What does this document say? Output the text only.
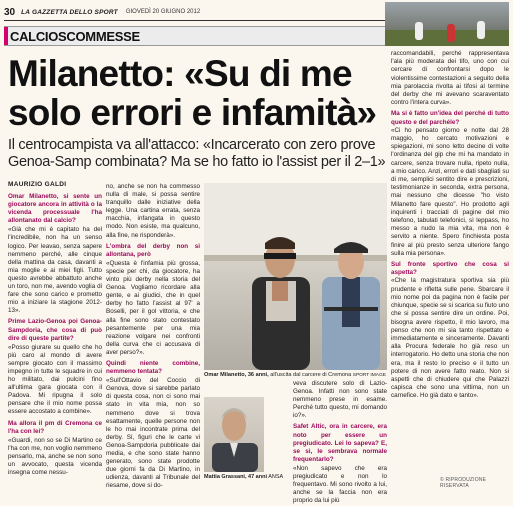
30 LA GAZZETTA DELLO SPORT GIOVEDÌ 20 GIUGNO 2012
CALCIOSCOMMESSE
Milanetto: «Su di me
solo errori e infamità»
Il centrocampista va all'attacco: «Incarcerato con zero prove
Genoa-Samp combinata? Ma se ho fatto io l'assist per il 2–1»
MAURIZIO GALDI

Omar Milanetto, si sente un giocatore ancora in attività o la vicenda processuale l'ha allontanato dal calcio?

«Già che mi è capitato ha del l'incredibile, non ha un senso logico. Per leavao, senza sapere nemmeno perché, alle cinque della mattina da casa, davanti a mia moglie e ai miei figli. Tutto questo avrebbe abbattuto anche un toro, non me, avendo voglia di fare che sono carico e prometto mio a iniziare la stagione 2012-13».

Prime Lazio-Genoa poi Genoa-Sampdoria, che cosa di può dire di queste partite?

«Posso giurare su quello che ho più caro al mondo di avere sempre giocato con il massimo impegno in tutte le squadre in cui ho militato, dai pulcini fino all'ultima gara giocata con il Padova. Mi ripugna il solo pensare che il mio nome possa essere accostato a combine».

Ma allora il pm di Cremona ce l'ha con lei?

«Guardi, non so se Di Martino ce l'ha con me, non voglio nemmeno pensarlo, ma, anche se non sono un avvocato, questa vicenda insegna come nessu-

no, anche se non ha commesso nulla di male, si possa sentire tranquillo dalle iniziative della legge. Una cartina errata, senza macchia, infangata in questo modo. Non esiste, ma qualcuno, alla fine, ne risponderà».

L'ombra del derby non si allontana, però

«Questa è l'infamia più grossa, specie per chi, da giocatore, ha vinto più derby nella storia del Genoa. Vogliamo ricordare alla gente, e ai giudici, che in quel derby ho fatto l'assist al 97' a Boselli, per il gol vittoria, e che alla fine sono stato contestato pesantemente per una mia reazione volgare nei confronti della curva che ci accusava di aver perso?».

Quindi niente combine, nemmeno tentata?

«Sull'Ottavio del Coccio di Genova, dove si sarebbe parlato di questa cosa, non ci sono mai stato in vita mia, non so nemmeno dove si trova esattamente, quelle persone non le ho mai incontrate prima del derby. Sì, figuri che le carte vi Genoa-Sampdoria pubblicate dai media, e che sono state hanno generato, sono state prodotte due giorni fa da Di Martino, in udienza, davanti al Tribunale del riesame, dove si do-

Omar Milanetto, 36 anni, all'uscita dal carcere di Cremona SPORT IMAGE

veva discutere solo di Lazio-Genoa. Infatti non sono state nemmeno prese in esame. Perché tutto questo, mi domando io?».

Safet Altic, ora in carcere, era noto per essere un pregiudicato. Lei lo sapeva? E, se sì, le sembrava normale frequentarlo?

«Non sapevo che era pregiudicato e non lo frequentavo. Mi sono rivolto a lui, anche se la faccia non era proprio da lui più

Mattia Grassani, 47 anni ANSA

raccomandabili, perché rappresentava l'ala più moderata dei tifo, uno con cui cercare di confrontarsi dopo le violentissime contestazioni a seguito della mia parolaccia rivolta ai tifosi al termine del derby che mi avevano scaraventato contro l'intera curva».

Ma si è fatto un'idea del perché di tutto questo e del parchéle?

«Ci ho pensato giorno e notte dal 28 maggio, ho cercato motivazioni e spiegazioni, mi sono letto decine di volte l'ordinanza del gip che mi ha mandato in carcere, senza trovare nulla, ripeto nulla, a mio carico. Anzi, errori e dati sbagliati su di me, semplici sentito dire e prescrizioni, testimonianze in seconda, extra persona, mai nessuno che dicesse "ho visto Milanetto fare questo". Ho prodotto agli inquirenti i tracciati di pagine del mio telefono, tabulati telefonici, sì leppass, ho messo a nudo la mia vita, ma non è servito a niente. Spero l'inchiesta posta finire al più presto senza ulteriore fango sulla mia persona».

Sul fronte sportivo che cosa si aspetta?

«Che la magistratura sportiva sia più prudente e rifletta sulle pene. Sbarcare il mio nome poi da pagina non è facile per chiunque, specie se si scarica su fiuto uno che si possa sentire dire un ordine. Poi, bisogna avere rispetto, il mio lavoro, ma penso che non mi sia tanto rispettato e immediatamente e sinceramente. Davanti alla Procura federale ho già reso un interrogatorio. Ho detto una storia che non era, ma il resto lo preciso e il tutto un potere di non avere fatto reato. Non si aspetti che di chiudere qui che Palazzi capisca che sono una vittima, non un carnefice. Ho già dato e tanto».

© RIPRODUZIONE RISERVATA
